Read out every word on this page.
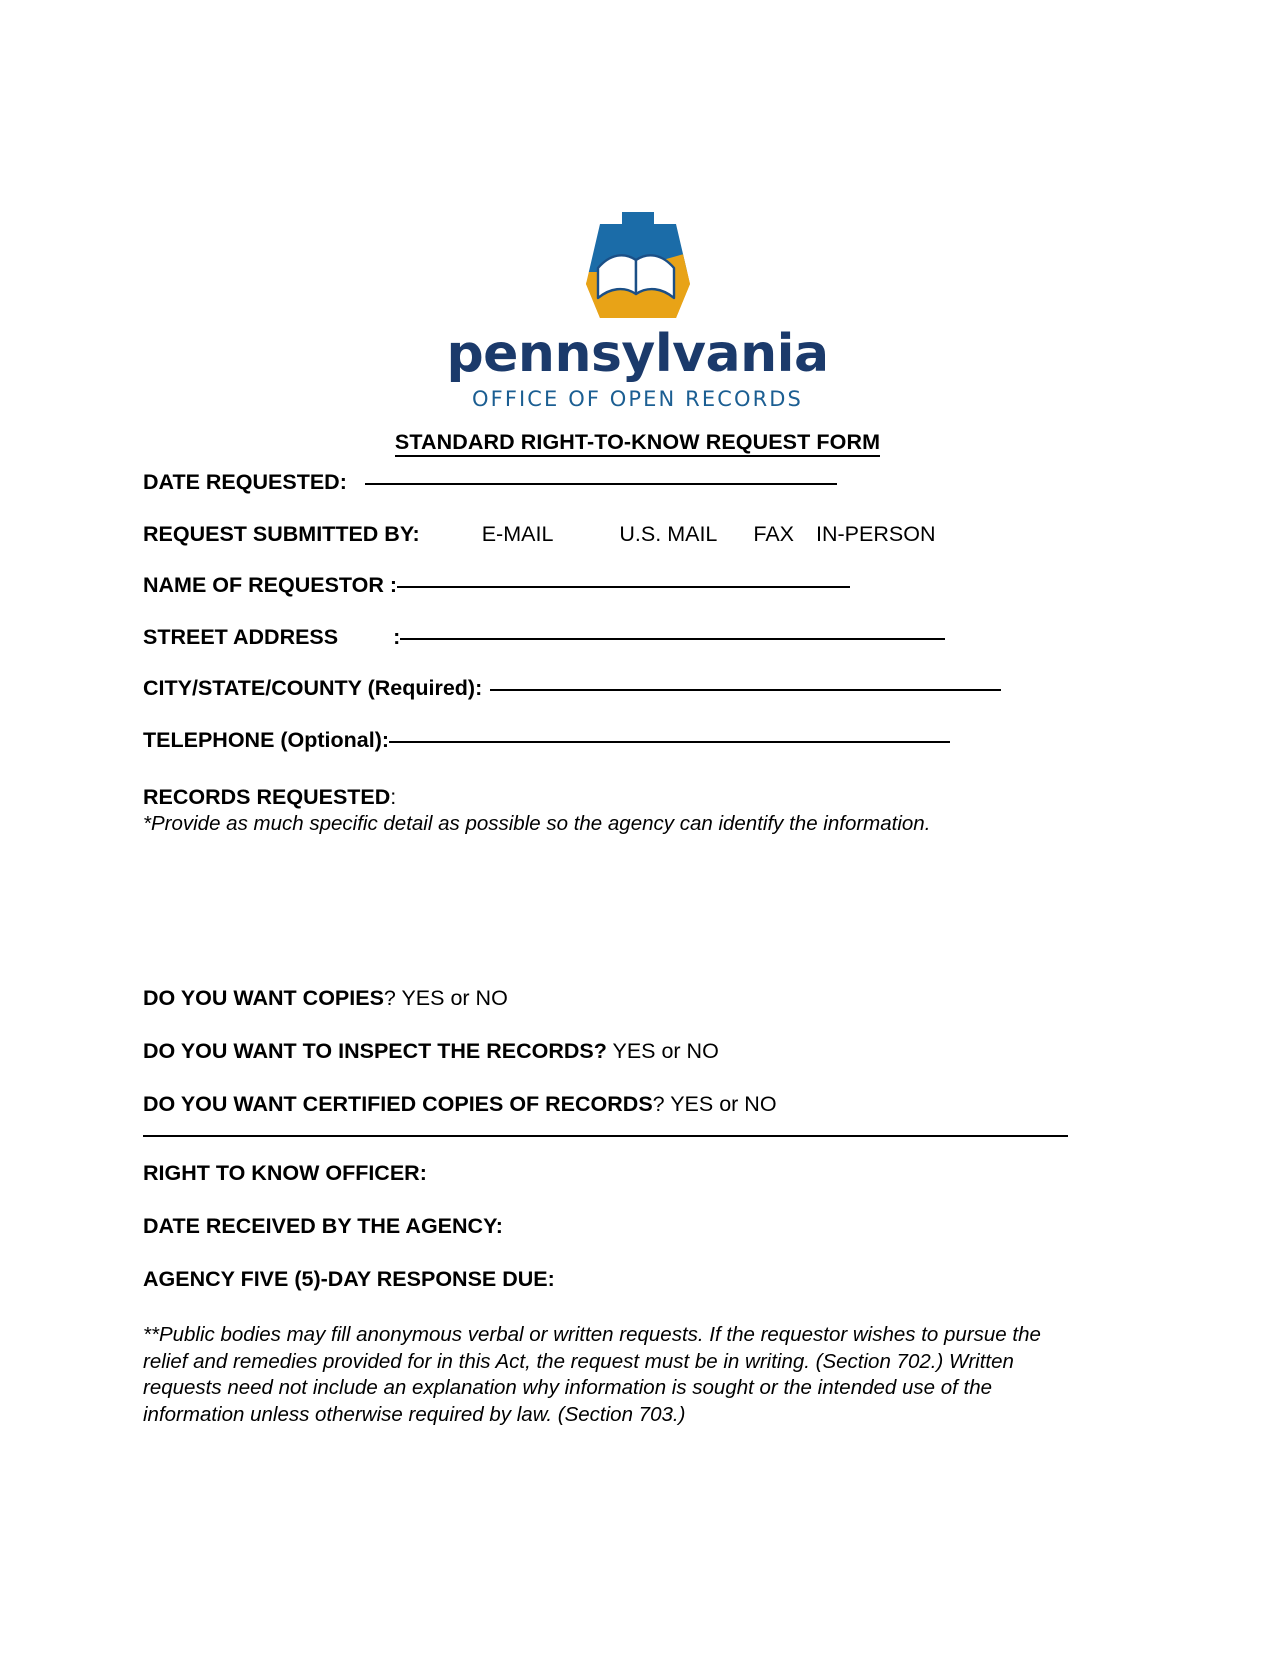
pennsylvania
OFFICE OF OPEN RECORDS
STANDARD RIGHT-TO-KNOW REQUEST FORM
DATE REQUESTED:
REQUEST SUBMITTED BY:	E-MAIL	U.S. MAIL FAX IN-PERSON
NAME OF REQUESTOR :
STREET ADDRESS	:
CITY/STATE/COUNTY (Required):
TELEPHONE (Optional):
RECORDS REQUESTED:
*Provide as much specific detail as possible so the agency can identify the information.
DO YOU WANT COPIES? YES or NO
DO YOU WANT TO INSPECT THE RECORDS? YES or NO
DO YOU WANT CERTIFIED COPIES OF RECORDS? YES or NO
RIGHT TO KNOW OFFICER:
DATE RECEIVED BY THE AGENCY:
AGENCY FIVE (5)-DAY RESPONSE DUE:
**Public bodies may fill anonymous verbal or written requests. If the requestor wishes to pursue the relief and remedies provided for in this Act, the request must be in writing. (Section 702.) Written requests need not include an explanation why information is sought or the intended use of the information unless otherwise required by law. (Section 703.)
